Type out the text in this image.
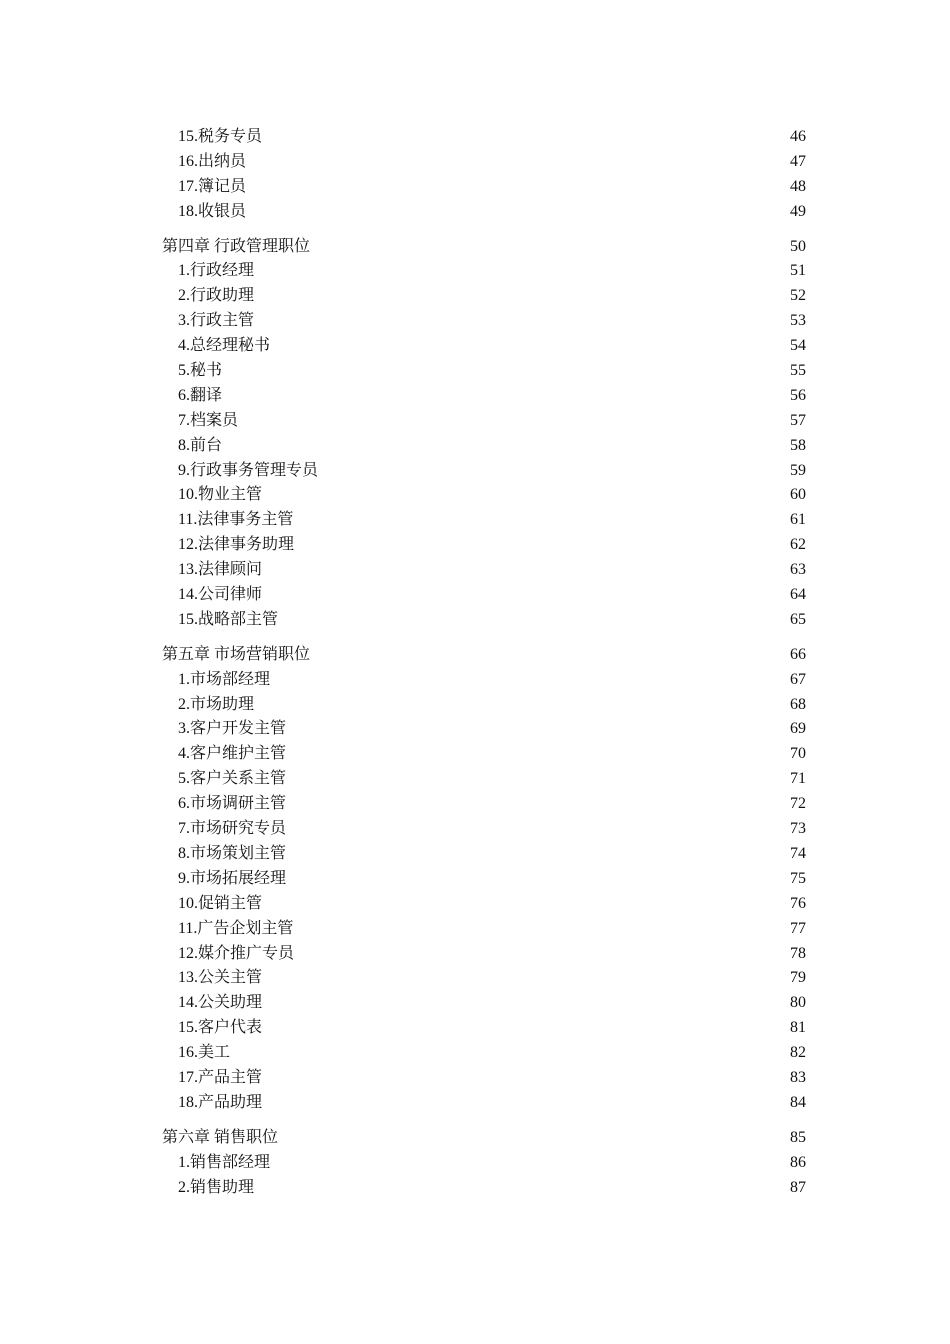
15.税务专员	46
16.出纳员	47
17.簿记员	48
18.收银员	49
第四章 行政管理职位	50
1.行政经理	51
2.行政助理	52
3.行政主管	53
4.总经理秘书	54
5.秘书	55
6.翻译	56
7.档案员	57
8.前台	58
9.行政事务管理专员	59
10.物业主管	60
11.法律事务主管	61
12.法律事务助理	62
13.法律顾问	63
14.公司律师	64
15.战略部主管	65
第五章 市场营销职位	66
1.市场部经理	67
2.市场助理	68
3.客户开发主管	69
4.客户维护主管	70
5.客户关系主管	71
6.市场调研主管	72
7.市场研究专员	73
8.市场策划主管	74
9.市场拓展经理	75
10.促销主管	76
11.广告企划主管	77
12.媒介推广专员	78
13.公关主管	79
14.公关助理	80
15.客户代表	81
16.美工	82
17.产品主管	83
18.产品助理	84
第六章 销售职位	85
1.销售部经理	86
2.销售助理	87
